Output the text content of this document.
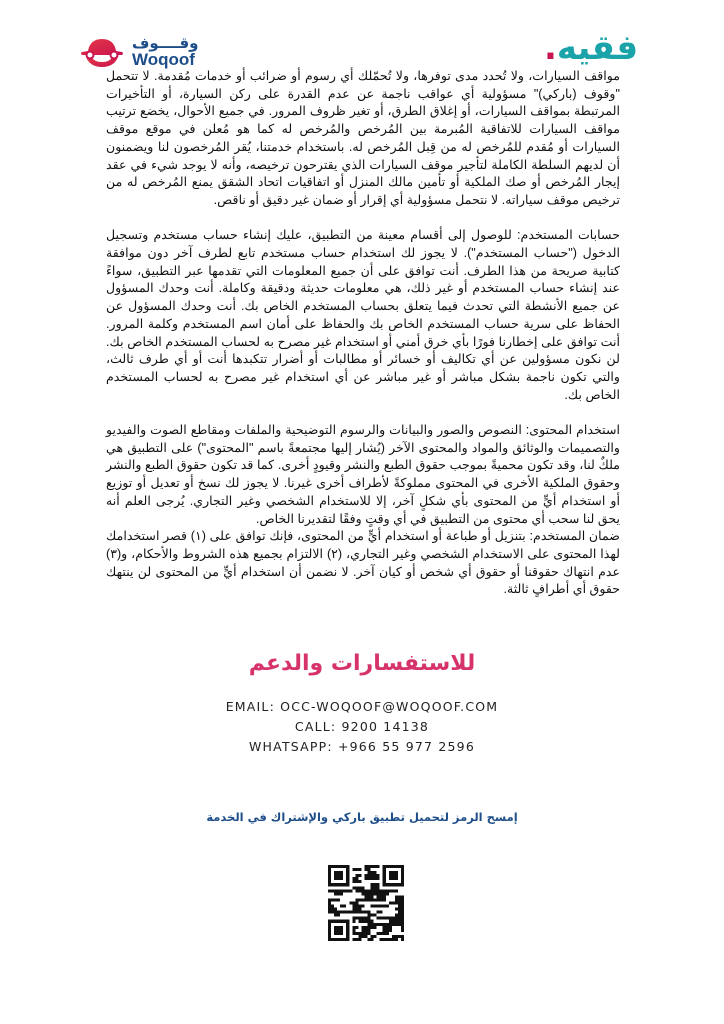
وقــــوف
Woqoof	فقيه.

مواقف السيارات، ولا تُحدد مدى توفرها، ولا تُحمّلك أي رسوم أو ضرائب أو خدمات مُقدمة. لا تتحمل "وقوف (باركي)" مسؤولية أي عواقب ناجمة عن عدم القدرة على ركن السيارة، أو التأخيرات المرتبطة بمواقف السيارات، أو إغلاق الطرق، أو تغير ظروف المرور. في جميع الأحوال، يخضع ترتيب مواقف السيارات للاتفاقية المُبرمة بين المُرخص والمُرخص له كما هو مُعلن في موقع موقف السيارات أو مُقدم للمُرخص له من قِبل المُرخص له. باستخدام خدمتنا، يُقر المُرخصون لنا ويضمنون أن لديهم السلطة الكاملة لتأجير موقف السيارات الذي يقترحون ترخيصه، وأنه لا يوجد شيء في عقد إيجار المُرخص أو صك الملكية أو تأمين مالك المنزل أو اتفاقيات اتحاد الشقق يمنع المُرخص له من ترخيص موقف سياراته. لا نتحمل مسؤولية أي إقرار أو ضمان غير دقيق أو ناقص.

حسابات المستخدم: للوصول إلى أقسام معينة من التطبيق، عليك إنشاء حساب مستخدم وتسجيل الدخول ("حساب المستخدم"). لا يجوز لك استخدام حساب مستخدم تابع لطرف آخر دون موافقة كتابية صريحة من هذا الطرف. أنت توافق على أن جميع المعلومات التي تقدمها عبر التطبيق، سواءً عند إنشاء حساب المستخدم أو غير ذلك، هي معلومات حديثة ودقيقة وكاملة. أنت وحدك المسؤول عن جميع الأنشطة التي تحدث فيما يتعلق بحساب المستخدم الخاص بك. أنت وحدك المسؤول عن الحفاظ على سرية حساب المستخدم الخاص بك والحفاظ على أمان اسم المستخدم وكلمة المرور. أنت توافق على إخطارنا فورًا بأي خرق أمني أو استخدام غير مصرح به لحساب المستخدم الخاص بك. لن نكون مسؤولين عن أي تكاليف أو خسائر أو مطالبات أو أضرار تتكبدها أنت أو أي طرف ثالث، والتي تكون ناجمة بشكل مباشر أو غير مباشر عن أي استخدام غير مصرح به لحساب المستخدم الخاص بك.

استخدام المحتوى: النصوص والصور والبيانات والرسوم التوضيحية والملفات ومقاطع الصوت والفيديو والتصميمات والوثائق والمواد والمحتوى الآخر (يُشار إليها مجتمعةً باسم "المحتوى") على التطبيق هي ملكٌ لنا، وقد تكون محميةً بموجب حقوق الطبع والنشر وقيودٍ أخرى. كما قد تكون حقوق الطبع والنشر وحقوق الملكية الأخرى في المحتوى مملوكةً لأطراف أخرى غيرنا. لا يجوز لك نسخ أو تعديل أو توزيع أو استخدام أيٍّ من المحتوى بأي شكلٍ آخر، إلا للاستخدام الشخصي وغير التجاري. يُرجى العلم أنه يحق لنا سحب أي محتوى من التطبيق في أي وقتٍ وفقًا لتقديرنا الخاص.

ضمان المستخدم: بتنزيل أو طباعة أو استخدام أيٍّ من المحتوى، فإنك توافق على (١) قصر استخدامك لهذا المحتوى على الاستخدام الشخصي وغير التجاري، (٢) الالتزام بجميع هذه الشروط والأحكام، و(٣) عدم انتهاك حقوقنا أو حقوق أي شخص أو كيان آخر. لا نضمن أن استخدام أيٍّ من المحتوى لن ينتهك حقوق أي أطرافٍ ثالثة.

للاستفسارات والدعم
EMAIL: OCC-WOQOOF@WOQOOF.COM
CALL: 9200 14138
WHATSAPP: +966 55 977 2596
إمسح الرمز لتحميل تطبيق باركي والإشتراك في الخدمة
